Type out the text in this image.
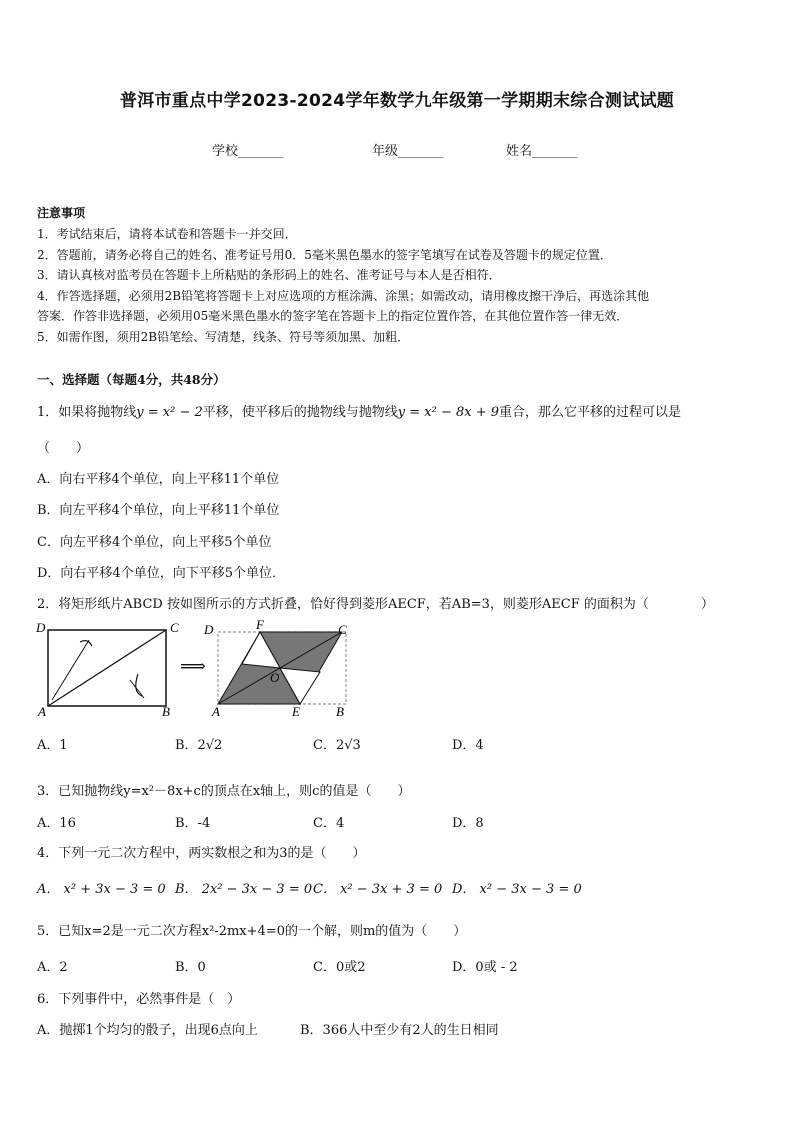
普洱市重点中学2023-2024学年数学九年级第一学期期末综合测试试题
学校_______	年级_______	姓名_______
注意事项
1．考试结束后，请将本试卷和答题卡一并交回．
2．答题前，请务必将自己的姓名、准考证号用0．5毫米黑色墨水的签字笔填写在试卷及答题卡的规定位置．
3．请认真核对监考员在答题卡上所粘贴的条形码上的姓名、准考证号与本人是否相符．
4．作答选择题，必须用2B铅笔将答题卡上对应选项的方框涂满、涂黑；如需改动，请用橡皮擦干净后，再选涂其他
答案．作答非选择题，必须用05毫米黑色墨水的签字笔在答题卡上的指定位置作答，在其他位置作答一律无效．
5．如需作图，须用2B铅笔绘、写清楚，线条、符号等须加黑、加粗．
一、选择题（每题4分，共48分）
1．如果将抛物线y = x² − 2平移，使平移后的抛物线与抛物线y = x² − 8x + 9重合，那么它平移的过程可以是
（　　）
A．向右平移4个单位，向上平移11个单位
B．向左平移4个单位，向上平移11个单位
C．向左平移4个单位，向上平移5个单位
D．向右平移4个单位，向下平移5个单位．
2．将矩形纸片ABCD 按如图所示的方式折叠，恰好得到菱形AECF，若AB=3，则菱形AECF 的面积为（　　　　）
D	C
A	B
⟹
D	F	C
O
A	E	B
A．1	B．2√2	C．2√3	D．4
3．已知抛物线y=x²－8x+c的顶点在x轴上，则c的值是（　　）
A．16	B．-4	C．4	D．8
4．下列一元二次方程中，两实数根之和为3的是（　　）
A． x² + 3x − 3 = 0 B． 2x² − 3x − 3 = 0 C． x² − 3x + 3 = 0 D． x² − 3x − 3 = 0
5．已知x=2是一元二次方程x²-2mx+4=0的一个解，则m的值为（　　）
A．2	B．0	C．0或2	D．0或 - 2
6．下列事件中，必然事件是（　）
A．抛掷1个均匀的骰子，出现6点向上	B．366人中至少有2人的生日相同
